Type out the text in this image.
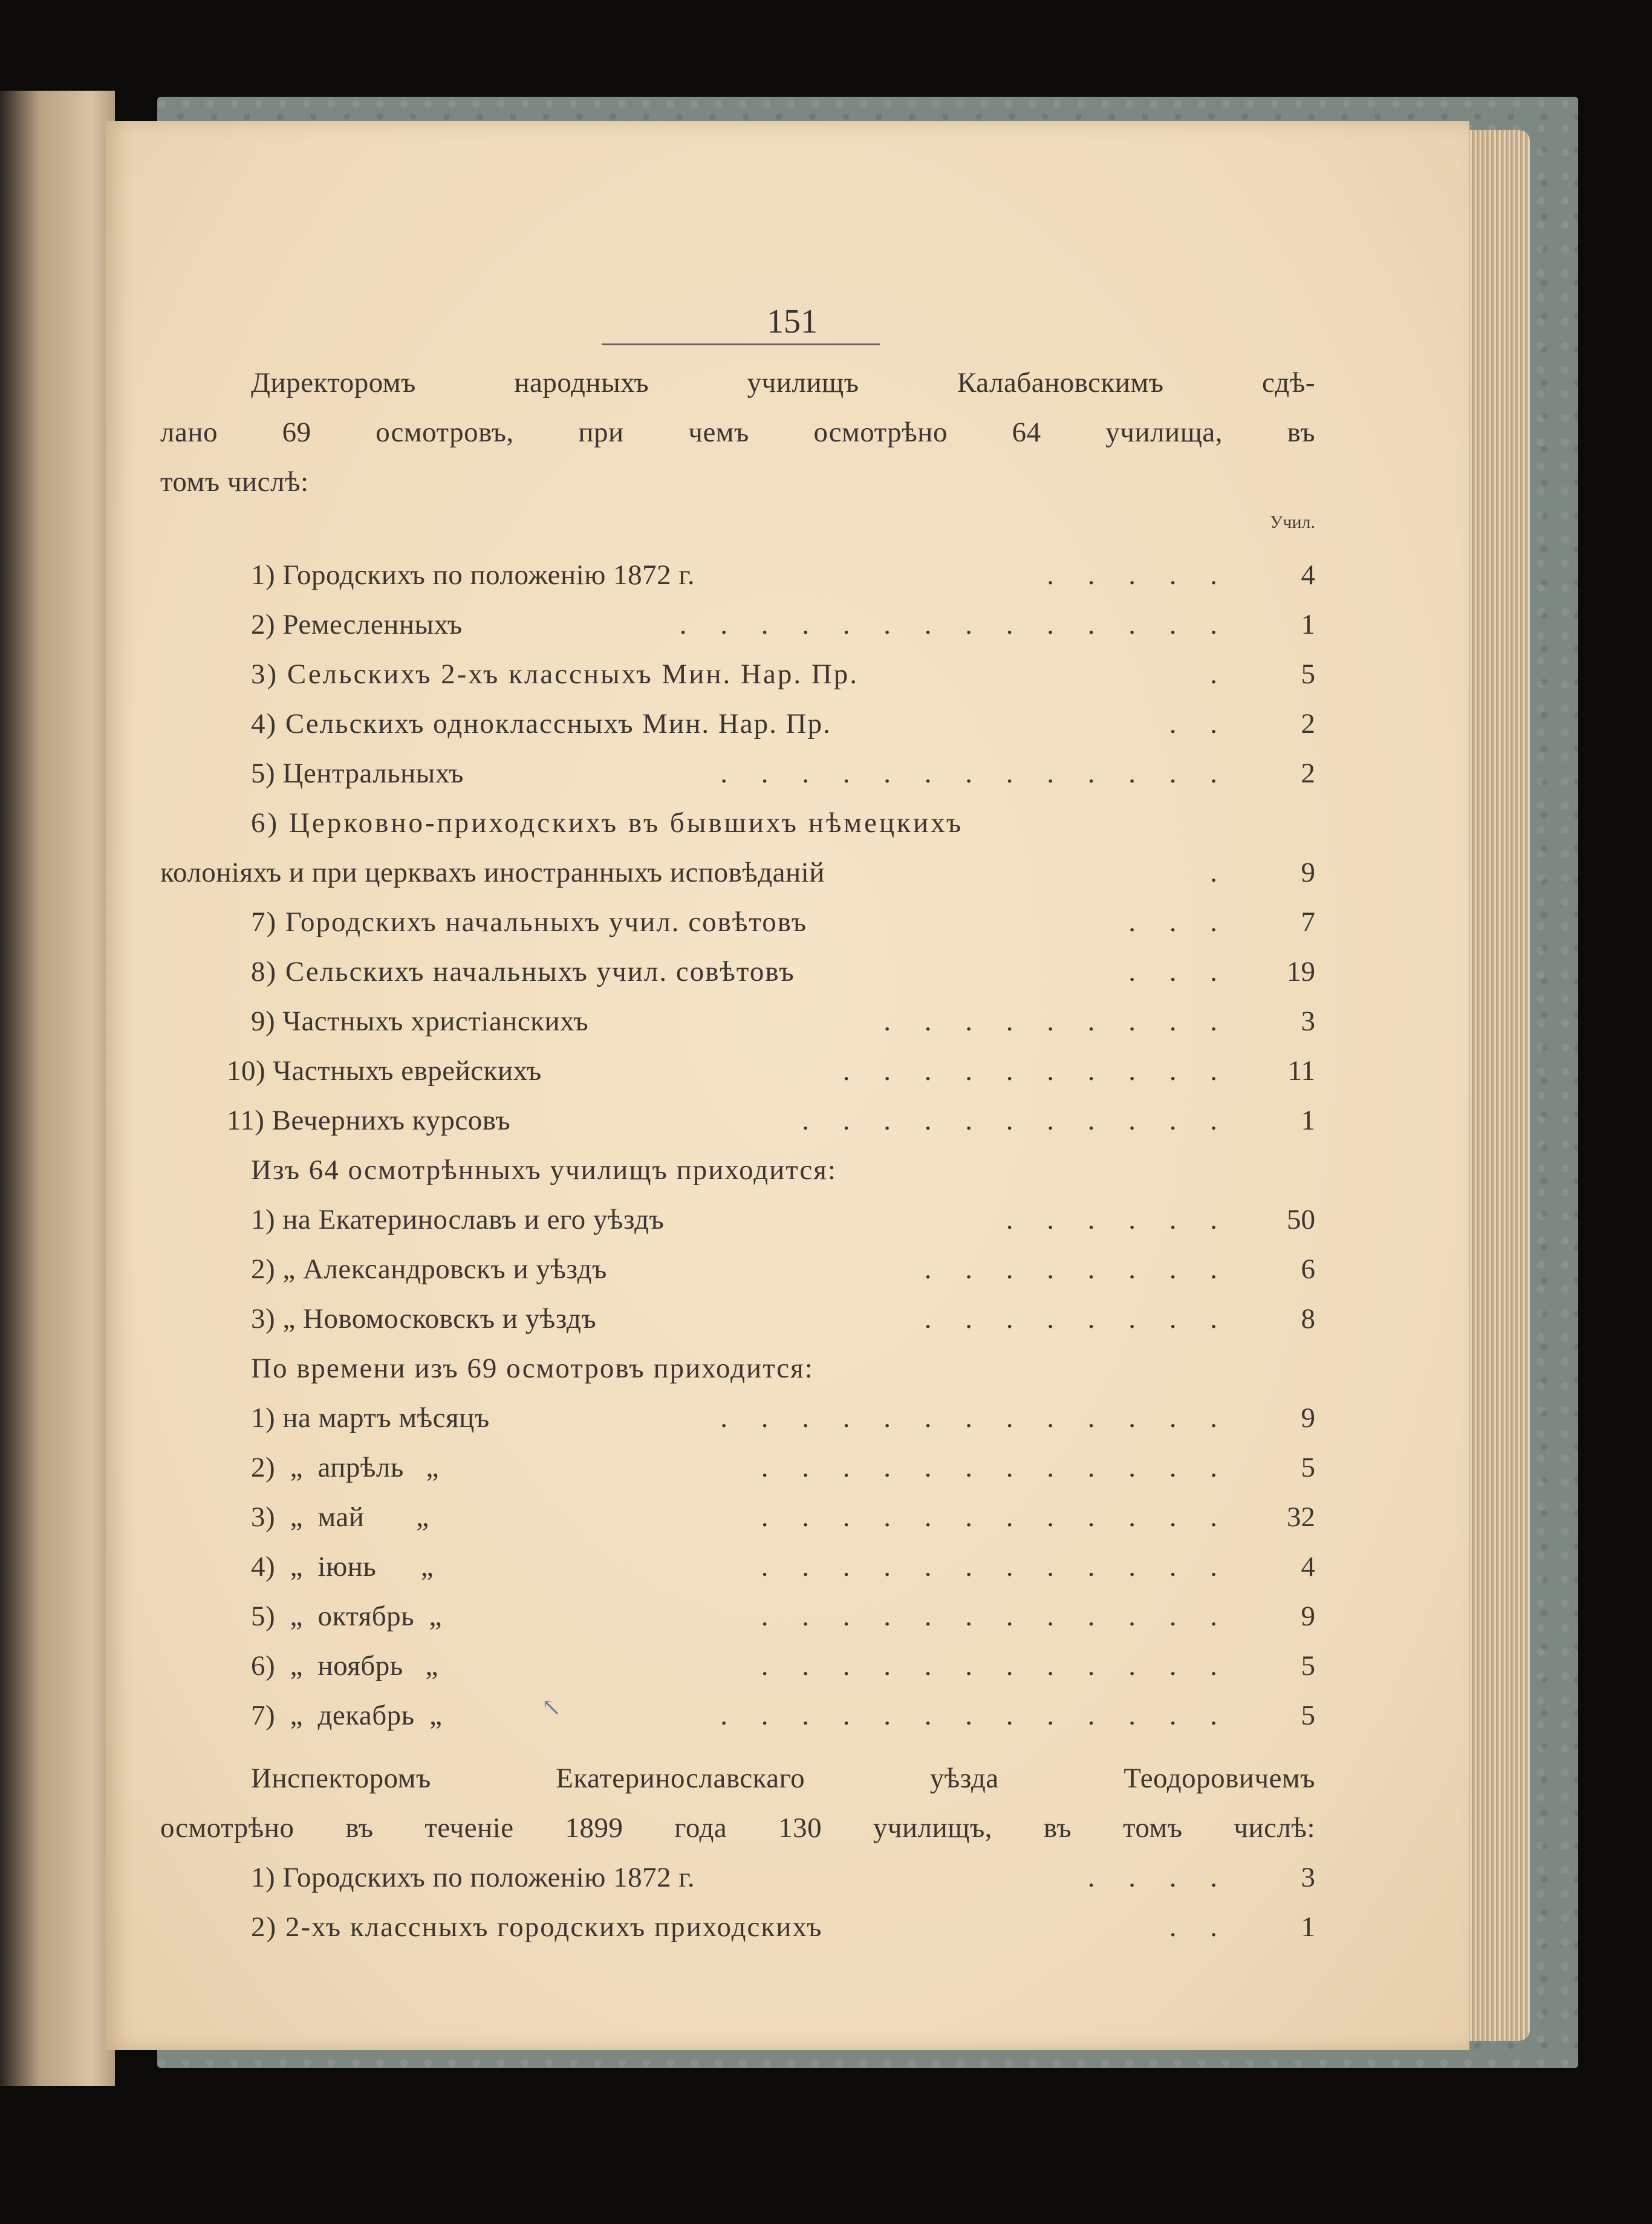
151
Директоромъ народныхъ училищъ Калабановскимъ сдѣ-
лано 69 осмотровъ, при чемъ осмотрѣно 64 училища, въ
томъ числѣ:
Учил.
1) Городскихъ по положенію 1872 г.	. . . . .	4
2) Ремесленныхъ	. . . . . . . . . . . . . .	1
3) Сельскихъ 2-хъ классныхъ Мин. Нар. Пр.	.	5
4) Сельскихъ одноклассныхъ Мин. Нар. Пр.	. .	2
5) Центральныхъ	. . . . . . . . . . . . .	2
6) Церковно-приходскихъ въ бывшихъ нѣмецкихъ
колоніяхъ и при церквахъ иностранныхъ исповѣданій	.	9
7) Городскихъ начальныхъ учил. совѣтовъ	. . .	7
8) Сельскихъ начальныхъ учил. совѣтовъ	. . .	19
9) Частныхъ христіанскихъ	. . . . . . . . .	3
10) Частныхъ еврейскихъ	. . . . . . . . . .	11
11) Вечернихъ курсовъ	. . . . . . . . . . .	1
Изъ 64 осмотрѣнныхъ училищъ приходится:
1) на Екатеринославъ и его уѣздъ	. . . . . .	50
2) „ Александровскъ и уѣздъ	. . . . . . . .	6
3) „ Новомосковскъ и уѣздъ	. . . . . . . .	8
По времени изъ 69 осмотровъ приходится:
1) на мартъ мѣсяцъ	. . . . . . . . . . . . .	9
2)  „  апрѣль   „	. . . . . . . . . . . .	5
3)  „  май       „	. . . . . . . . . . . .	32
4)  „  іюнь      „	. . . . . . . . . . . .	4
5)  „  октябрь  „	. . . . . . . . . . . .	9
6)  „  ноябрь   „	. . . . . . . . . . . .	5
7)  „  декабрь  „	. . . . . . . . . . . . .	5
↖
Инспекторомъ Екатеринославскаго уѣзда Теодоровичемъ
осмотрѣно въ теченіе 1899 года 130 училищъ, въ томъ числѣ:
1) Городскихъ по положенію 1872 г.	. . . .	3
2) 2-хъ классныхъ городскихъ приходскихъ	. .	1
